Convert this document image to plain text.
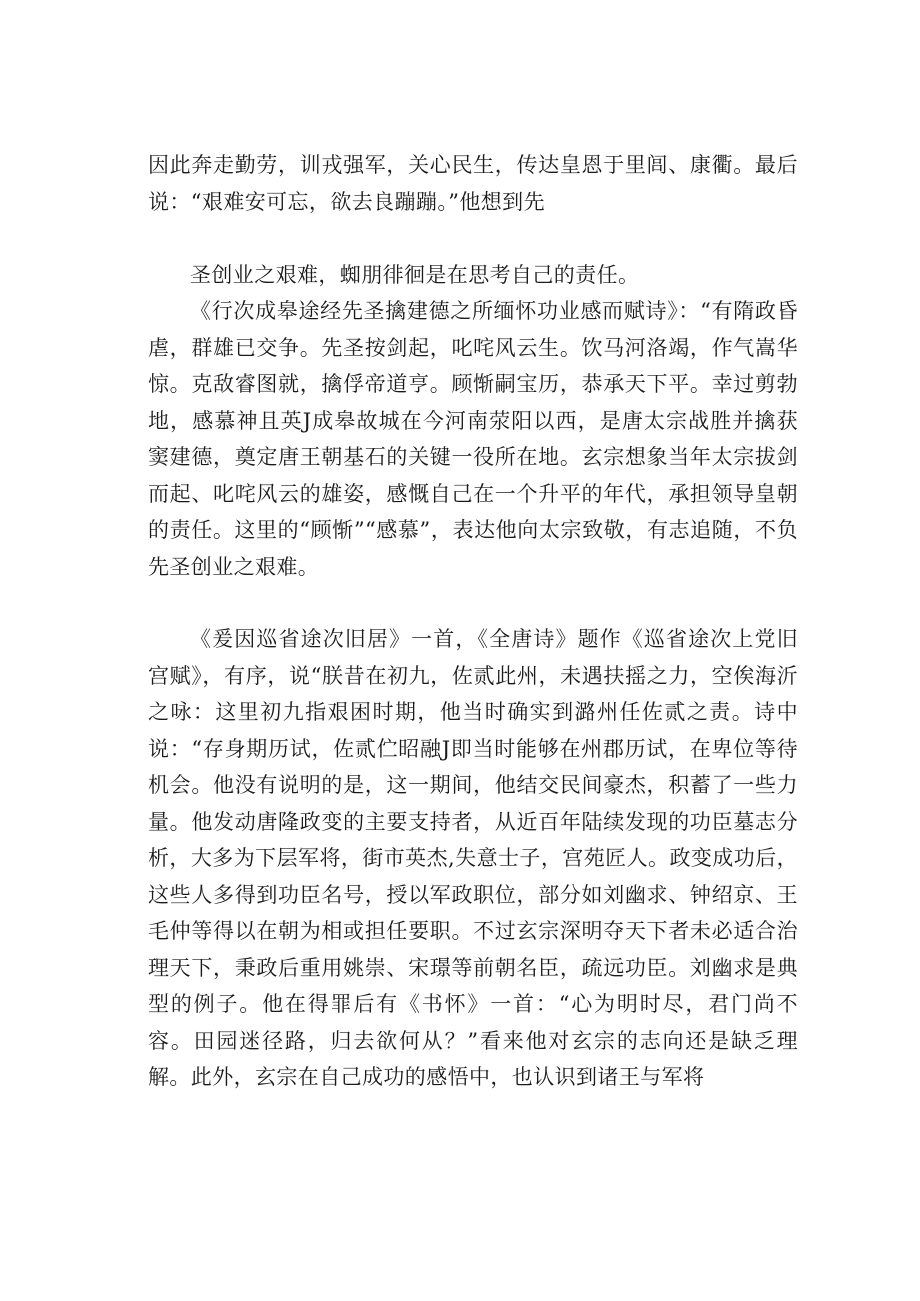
因此奔走勤劳，训戎强军，关心民生，传达皇恩于里闾、康衢。最后说：“艰难安可忘，欲去良蹦蹦。”他想到先

圣创业之艰难，蜘朋徘徊是在思考自己的责任。

《行次成皋途经先圣擒建德之所缅怀功业感而赋诗》：“有隋政昏虐，群雄已交争。先圣按剑起，叱咤风云生。饮马河洛竭，作气嵩华惊。克敌睿图就，擒俘帝道亨。顾惭嗣宝历，恭承天下平。幸过剪勃地，感慕神且英J成皋故城在今河南荥阳以西，是唐太宗战胜并擒获窦建德，奠定唐王朝基石的关键一役所在地。玄宗想象当年太宗拔剑而起、叱咤风云的雄姿，感慨自己在一个升平的年代，承担领导皇朝的责任。这里的“顾惭”“感慕”，表达他向太宗致敬，有志追随，不负先圣创业之艰难。

《爰因巡省途次旧居》一首，《全唐诗》题作《巡省途次上党旧宫赋》，有序，说“朕昔在初九，佐贰此州，未遇扶摇之力，空俟海沂之咏：这里初九指艰困时期，他当时确实到潞州任佐贰之责。诗中说：“存身期历试，佐贰伫昭融J即当时能够在州郡历试，在卑位等待机会。他没有说明的是，这一期间，他结交民间豪杰，积蓄了一些力量。他发动唐隆政变的主要支持者，从近百年陆续发现的功臣墓志分析，大多为下层军将，街市英杰,失意士子，宫苑匠人。政变成功后，这些人多得到功臣名号，授以军政职位，部分如刘幽求、钟绍京、王毛仲等得以在朝为相或担任要职。不过玄宗深明夺天下者未必适合治理天下，秉政后重用姚崇、宋璟等前朝名臣，疏远功臣。刘幽求是典型的例子。他在得罪后有《书怀》一首：“心为明时尽，君门尚不容。田园迷径路，归去欲何从？”看来他对玄宗的志向还是缺乏理解。此外，玄宗在自己成功的感悟中，也认识到诸王与军将
